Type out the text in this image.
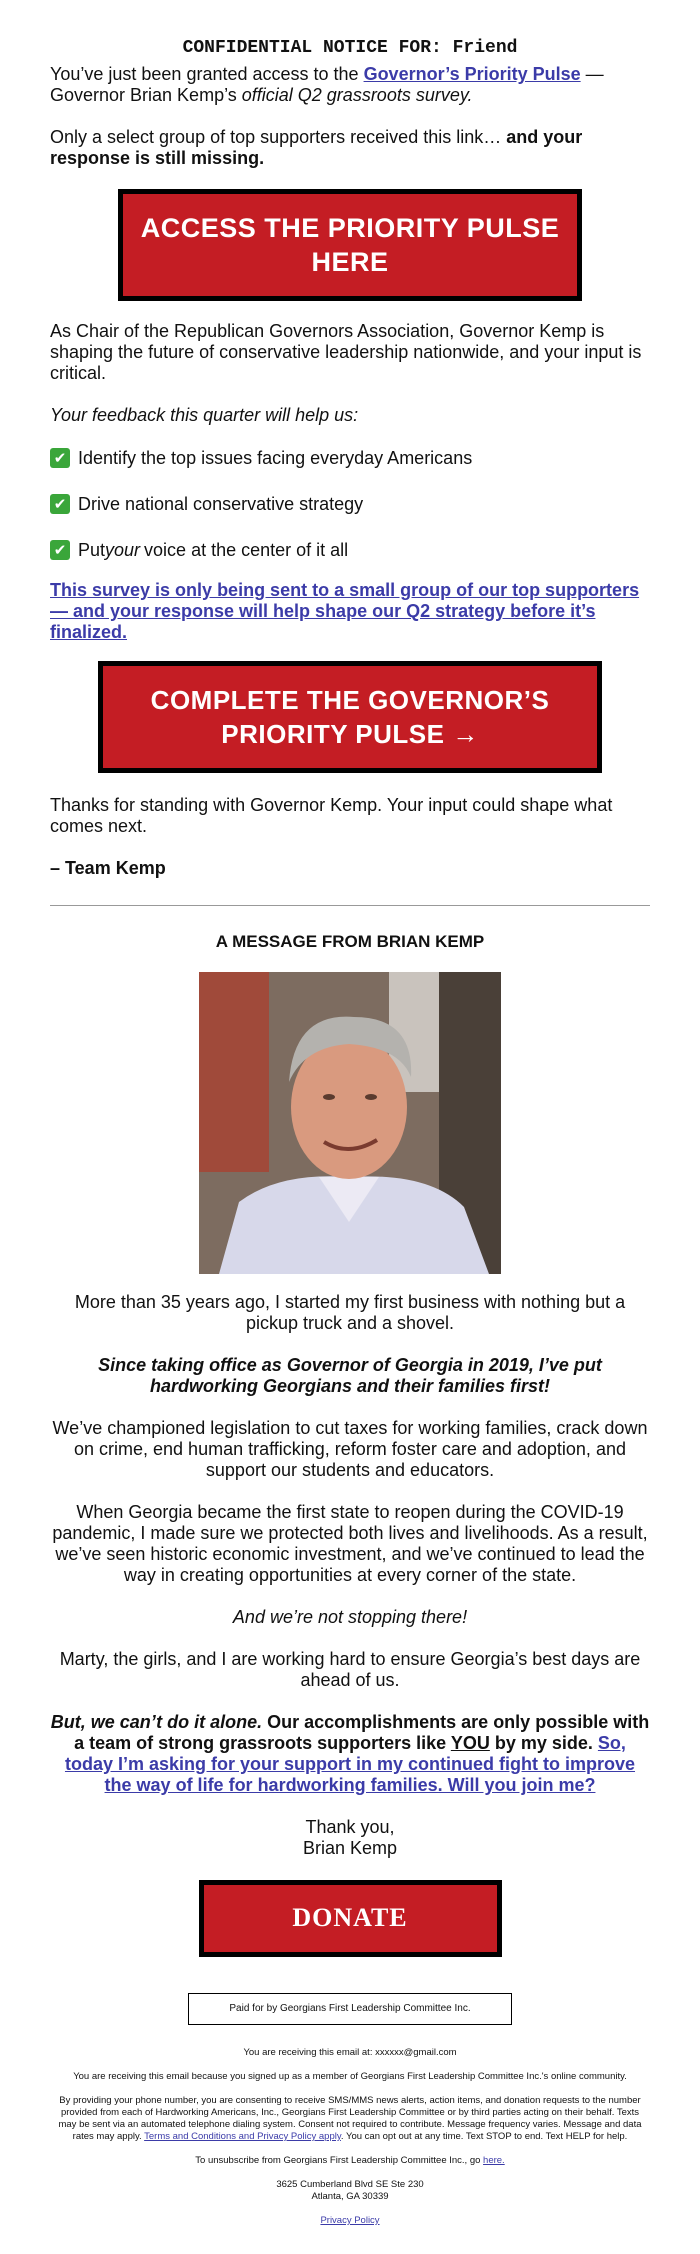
CONFIDENTIAL NOTICE FOR: Friend

You’ve just been granted access to the Governor’s Priority Pulse — Governor Brian Kemp’s official Q2 grassroots survey.

Only a select group of top supporters received this link… and your response is still missing.

ACCESS THE PRIORITY PULSE HERE

As Chair of the Republican Governors Association, Governor Kemp is shaping the future of conservative leadership nationwide, and your input is critical.

Your feedback this quarter will help us:

✔ Identify the top issues facing everyday Americans
✔ Drive national conservative strategy
✔ Put your voice at the center of it all

This survey is only being sent to a small group of our top supporters — and your response will help shape our Q2 strategy before it’s finalized.

COMPLETE THE GOVERNOR’S PRIORITY PULSE →

Thanks for standing with Governor Kemp. Your input could shape what comes next.

– Team Kemp

A MESSAGE FROM BRIAN KEMP

More than 35 years ago, I started my first business with nothing but a pickup truck and a shovel.

Since taking office as Governor of Georgia in 2019, I’ve put hardworking Georgians and their families first!

We’ve championed legislation to cut taxes for working families, crack down on crime, end human trafficking, reform foster care and adoption, and support our students and educators.

When Georgia became the first state to reopen during the COVID-19 pandemic, I made sure we protected both lives and livelihoods. As a result, we’ve seen historic economic investment, and we’ve continued to lead the way in creating opportunities at every corner of the state.

And we’re not stopping there!

Marty, the girls, and I are working hard to ensure Georgia’s best days are ahead of us.

But, we can’t do it alone. Our accomplishments are only possible with a team of strong grassroots supporters like YOU by my side. So, today I’m asking for your support in my continued fight to improve the way of life for hardworking families. Will you join me?

Thank you,

Brian Kemp

DONATE
Paid for by Georgians First Leadership Committee Inc.

You are receiving this email at: xxxxxx@gmail.com

You are receiving this email because you signed up as a member of Georgians First Leadership Committee Inc.'s online community.

By providing your phone number, you are consenting to receive SMS/MMS news alerts, action items, and donation requests to the number provided from each of Hardworking Americans, Inc., Georgians First Leadership Committee or by third parties acting on their behalf. Texts may be sent via an automated telephone dialing system. Consent not required to contribute. Message frequency varies. Message and data rates may apply. Terms and Conditions and Privacy Policy apply. You can opt out at any time. Text STOP to end. Text HELP for help.

To unsubscribe from Georgians First Leadership Committee Inc., go here.

3625 Cumberland Blvd SE Ste 230

Atlanta, GA 30339

Privacy Policy
